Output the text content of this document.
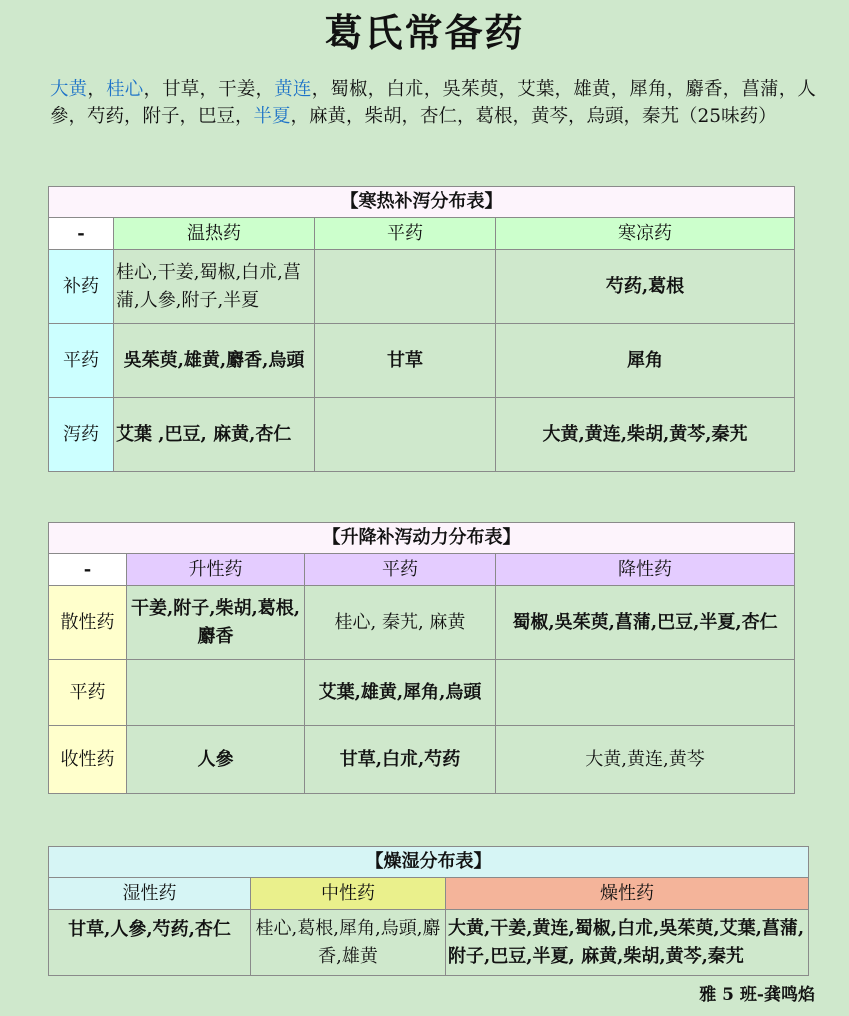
葛氏常备药
大黄，桂心，甘草，干姜，黄连，蜀椒，白朮，吳茱萸，艾葉，雄黄，犀角，麝香，菖蒲，人參，芍药，附子，巴豆，半夏，麻黄，柴胡，杏仁，葛根，黄芩，烏頭，秦艽（25味药）
【寒热补泻分布表】			
-	温热药	平药	寒凉药
补药	桂心,干姜,蜀椒,白朮,菖蒲,人參,附子,半夏		芍药,葛根
平药	吳茱萸,雄黄,麝香,烏頭	甘草	犀角
泻药	艾葉 ,巴豆, 麻黄,杏仁		大黄,黄连,柴胡,黄芩,秦艽
【升降补泻动力分布表】			
-	升性药	平药	降性药
散性药	干姜,附子,柴胡,葛根,麝香	桂心, 秦艽, 麻黄	蜀椒,吳茱萸,菖蒲,巴豆,半夏,杏仁
平药		艾葉,雄黄,犀角,烏頭	
收性药	人參	甘草,白朮,芍药	大黄,黄连,黄芩
【燥湿分布表】		
湿性药	中性药	燥性药
甘草,人參,芍药,杏仁	桂心,葛根,犀角,烏頭,麝香,雄黄	大黄,干姜,黄连,蜀椒,白朮,吳茱萸,艾葉,菖蒲,附子,巴豆,半夏, 麻黄,柴胡,黄芩,秦艽
雅 5 班-龚鸣焰
